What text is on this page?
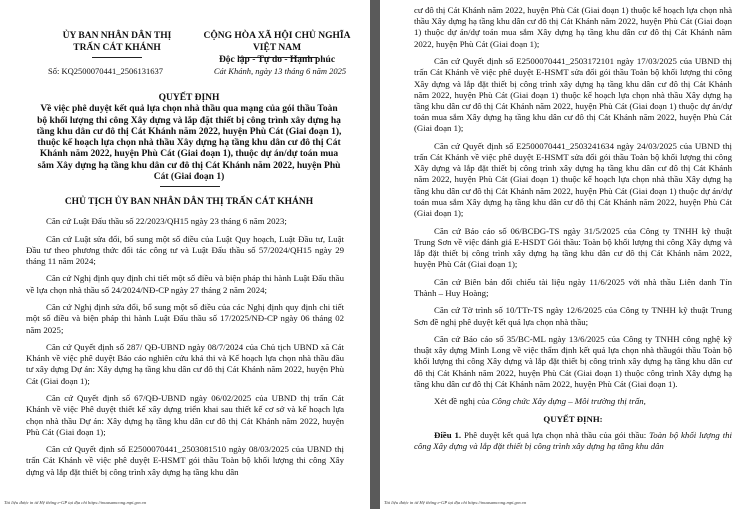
ỦY BAN NHÂN DÂN THỊ
TRẤN CÁT KHÁNH
CỘNG HÒA XÃ HỘI CHỦ NGHĨA VIỆT NAM
Độc lập - Tự do - Hạnh phúc
Số: KQ2500070441_2506131637	Cát Khánh, ngày 13 tháng 6 năm 2025
QUYẾT ĐỊNH
Về việc phê duyệt kết quả lựa chọn nhà thầu qua mạng của gói thầu Toàn
bộ khối lượng thi công Xây dựng và lắp đặt thiết bị công trình xây dựng hạ
tầng khu dân cư đô thị Cát Khánh năm 2022, huyện Phù Cát (Giai đoạn 1),
thuộc kế hoạch lựa chọn nhà thầu Xây dựng hạ tầng khu dân cư đô thị Cát
Khánh năm 2022, huyện Phù Cát (Giai đoạn 1), thuộc dự án/dự toán mua
sắm Xây dựng hạ tầng khu dân cư đô thị Cát Khánh năm 2022, huyện Phù
Cát (Giai đoạn 1)
CHỦ TỊCH ỦY BAN NHÂN DÂN THỊ TRẤN CÁT KHÁNH

Căn cứ Luật Đấu thầu số 22/2023/QH15 ngày 23 tháng 6 năm 2023;

Căn cứ Luật sửa đổi, bổ sung một số điều của Luật Quy hoạch, Luật Đầu tư, Luật Đầu tư theo phương thức đối tác công tư và Luật Đấu thầu số 57/2024/QH15 ngày 29 tháng 11 năm 2024;

Căn cứ Nghị định quy định chi tiết một số điều và biện pháp thi hành Luật Đấu thầu về lựa chọn nhà thầu số 24/2024/NĐ-CP ngày 27 tháng 2 năm 2024;

Căn cứ Nghị định sửa đổi, bổ sung một số điều của các Nghị định quy định chi tiết một số điều và biện pháp thi hành Luật Đấu thầu số 17/2025/NĐ-CP ngày 06 tháng 02 năm 2025;

Căn cứ Quyết định số 287/ QĐ-UBND ngày 08/7/2024 của Chủ tịch UBND xã Cát Khánh về việc phê duyệt Báo cáo nghiên cứu khả thi và Kế hoạch lựa chọn nhà thầu đầu tư xây dựng Dự án: Xây dựng hạ tầng khu dân cư đô thị Cát Khánh năm 2022, huyện Phù Cát (Giai đoạn 1);

Căn cứ Quyết định số 67/QĐ-UBND ngày 06/02/2025 của UBND thị trấn Cát Khánh về việc Phê duyệt thiết kế xây dựng triển khai sau thiết kế cơ sở và kế hoạch lựa chọn nhà thầu Dự án: Xây dựng hạ tầng khu dân cư đô thị Cát Khánh năm 2022, huyện Phù Cát (Giai đoạn 1);

Căn cứ Quyết định số E2500070441_2503081510 ngày 08/03/2025 của UBND thị trấn Cát Khánh về việc phê duyệt E-HSMT gói thầu Toàn bộ khối lượng thi công Xây dựng và lắp đặt thiết bị công trình xây dựng hạ tầng khu dân

Tài liệu được in từ Hệ thống e-GP tại địa chỉ https://muasamcong.mpi.gov.vn

cư đô thị Cát Khánh năm 2022, huyện Phù Cát (Giai đoạn 1) thuộc kế hoạch lựa chọn nhà thầu Xây dựng hạ tầng khu dân cư đô thị Cát Khánh năm 2022, huyện Phù Cát (Giai đoạn 1) thuộc dự án/dự toán mua sắm Xây dựng hạ tầng khu dân cư đô thị Cát Khánh năm 2022, huyện Phù Cát (Giai đoạn 1);

Căn cứ Quyết định số E2500070441_2503172101 ngày 17/03/2025 của UBND thị trấn Cát Khánh về việc phê duyệt E-HSMT sửa đổi gói thầu Toàn bộ khối lượng thi công Xây dựng và lắp đặt thiết bị công trình xây dựng hạ tầng khu dân cư đô thị Cát Khánh năm 2022, huyện Phù Cát (Giai đoạn 1) thuộc kế hoạch lựa chọn nhà thầu Xây dựng hạ tầng khu dân cư đô thị Cát Khánh năm 2022, huyện Phù Cát (Giai đoạn 1) thuộc dự án/dự toán mua sắm Xây dựng hạ tầng khu dân cư đô thị Cát Khánh năm 2022, huyện Phù Cát (Giai đoạn 1);

Căn cứ Quyết định số E2500070441_2503241634 ngày 24/03/2025 của UBND thị trấn Cát Khánh về việc phê duyệt E-HSMT sửa đổi gói thầu Toàn bộ khối lượng thi công Xây dựng và lắp đặt thiết bị công trình xây dựng hạ tầng khu dân cư đô thị Cát Khánh năm 2022, huyện Phù Cát (Giai đoạn 1) thuộc kế hoạch lựa chọn nhà thầu Xây dựng hạ tầng khu dân cư đô thị Cát Khánh năm 2022, huyện Phù Cát (Giai đoạn 1) thuộc dự án/dự toán mua sắm Xây dựng hạ tầng khu dân cư đô thị Cát Khánh năm 2022, huyện Phù Cát (Giai đoạn 1);

Căn cứ Báo cáo số 06/BCĐG-TS ngày 31/5/2025 của Công ty TNHH kỹ thuật Trung Sơn về việc đánh giá E-HSDT Gói thầu: Toàn bộ khối lượng thi công Xây dựng và lắp đặt thiết bị công trình xây dựng hạ tầng khu dân cư đô thị Cát Khánh năm 2022, huyện Phù Cát (Giai đoạn 1);

Căn cứ Biên bản đối chiếu tài liệu ngày 11/6/2025 với nhà thầu Liên danh Tín Thành – Huy Hoàng;

Căn cứ Tờ trình số 10/TTr-TS ngày 12/6/2025 của Công ty TNHH kỹ thuật Trung Sơn đề nghị phê duyệt kết quả lựa chọn nhà thầu;

Căn cứ Báo cáo số 35/BC-ML ngày 13/6/2025 của Công ty TNHH công nghệ kỹ thuật xây dựng Minh Long về việc thẩm định kết quả lựa chọn nhà thầugói thầu Toàn bộ khối lượng thi công Xây dựng và lắp đặt thiết bị công trình xây dựng hạ tầng khu dân cư đô thị Cát Khánh năm 2022, huyện Phù Cát (Giai đoạn 1) thuộc công trình Xây dựng hạ tầng khu dân cư đô thị Cát Khánh năm 2022, huyện Phù Cát (Giai đoạn 1).

Xét đề nghị của Công chức Xây dựng – Môi trường thị trấn,

QUYẾT ĐỊNH:

Điều 1. Phê duyệt kết quả lựa chọn nhà thầu của gói thầu: Toàn bộ khối lượng thi công Xây dựng và lắp đặt thiết bị công trình xây dựng hạ tầng khu dân

Tài liệu được in từ Hệ thống e-GP tại địa chỉ https://muasamcong.mpi.gov.vn
